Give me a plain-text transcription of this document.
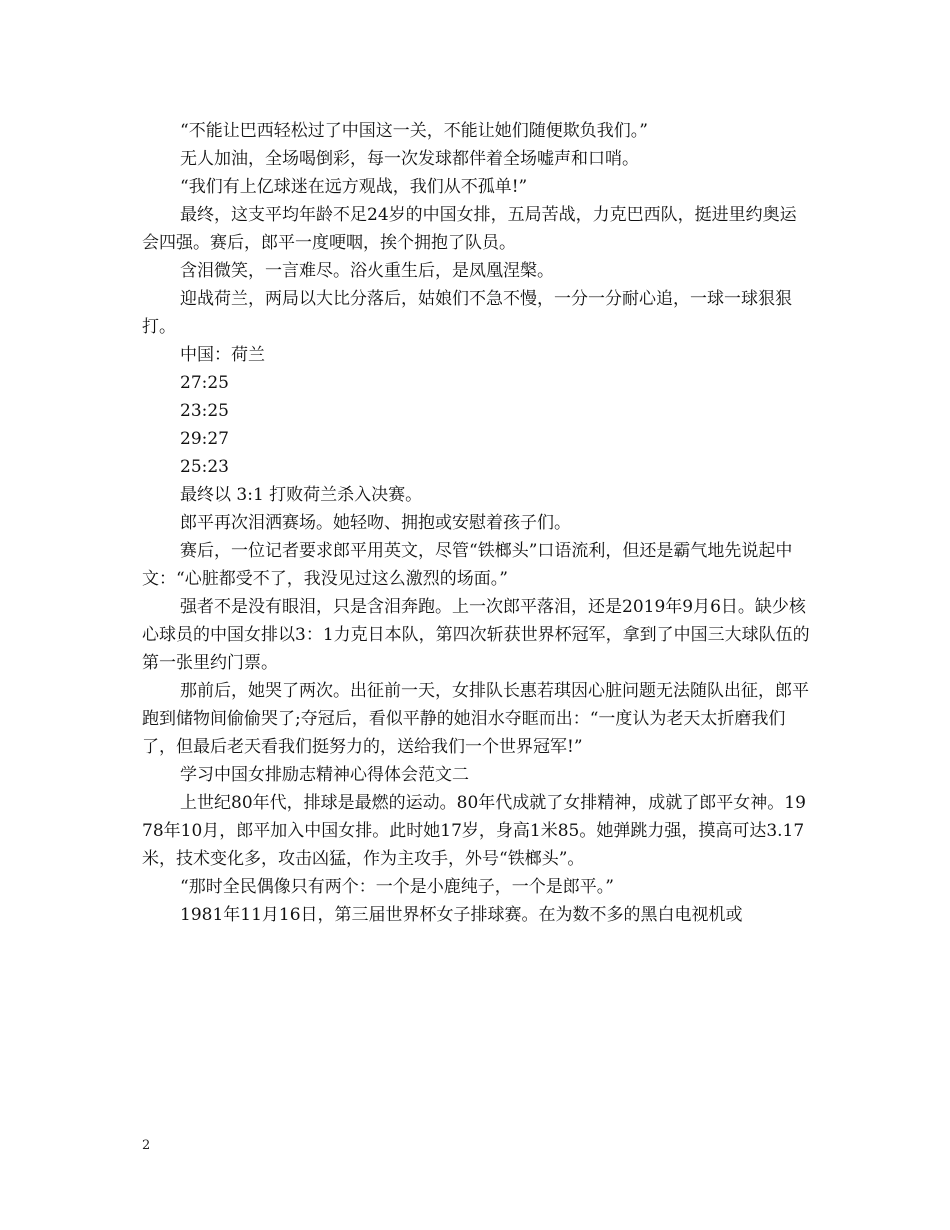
“不能让巴西轻松过了中国这一关，不能让她们随便欺负我们。”

无人加油，全场喝倒彩，每一次发球都伴着全场嘘声和口哨。

“我们有上亿球迷在远方观战，我们从不孤单!”

最终，这支平均年龄不足24岁的中国女排，五局苦战，力克巴西队，挺进里约奥运会四强。赛后，郎平一度哽咽，挨个拥抱了队员。

含泪微笑，一言难尽。浴火重生后，是凤凰涅槃。

迎战荷兰，两局以大比分落后，姑娘们不急不慢，一分一分耐心追，一球一球狠狠打。

中国：荷兰

27:25

23:25

29:27

25:23

最终以 3:1 打败荷兰杀入决赛。

郎平再次泪洒赛场。她轻吻、拥抱或安慰着孩子们。

赛后，一位记者要求郎平用英文，尽管“铁榔头”口语流利，但还是霸气地先说起中文：“心脏都受不了，我没见过这么激烈的场面。”

强者不是没有眼泪，只是含泪奔跑。上一次郎平落泪，还是2019年9月6日。缺少核心球员的中国女排以3：1力克日本队，第四次斩获世界杯冠军，拿到了中国三大球队伍的第一张里约门票。

那前后，她哭了两次。出征前一天，女排队长惠若琪因心脏问题无法随队出征，郎平跑到储物间偷偷哭了;夺冠后，看似平静的她泪水夺眶而出：“一度认为老天太折磨我们了，但最后老天看我们挺努力的，送给我们一个世界冠军!”

学习中国女排励志精神心得体会范文二

上世纪80年代，排球是最燃的运动。80年代成就了女排精神，成就了郎平女神。1978年10月，郎平加入中国女排。此时她17岁，身高1米85。她弹跳力强，摸高可达3.17米，技术变化多，攻击凶猛，作为主攻手，外号“铁榔头”。

“那时全民偶像只有两个：一个是小鹿纯子，一个是郎平。”

1981年11月16日，第三届世界杯女子排球赛。在为数不多的黑白电视机或

2
